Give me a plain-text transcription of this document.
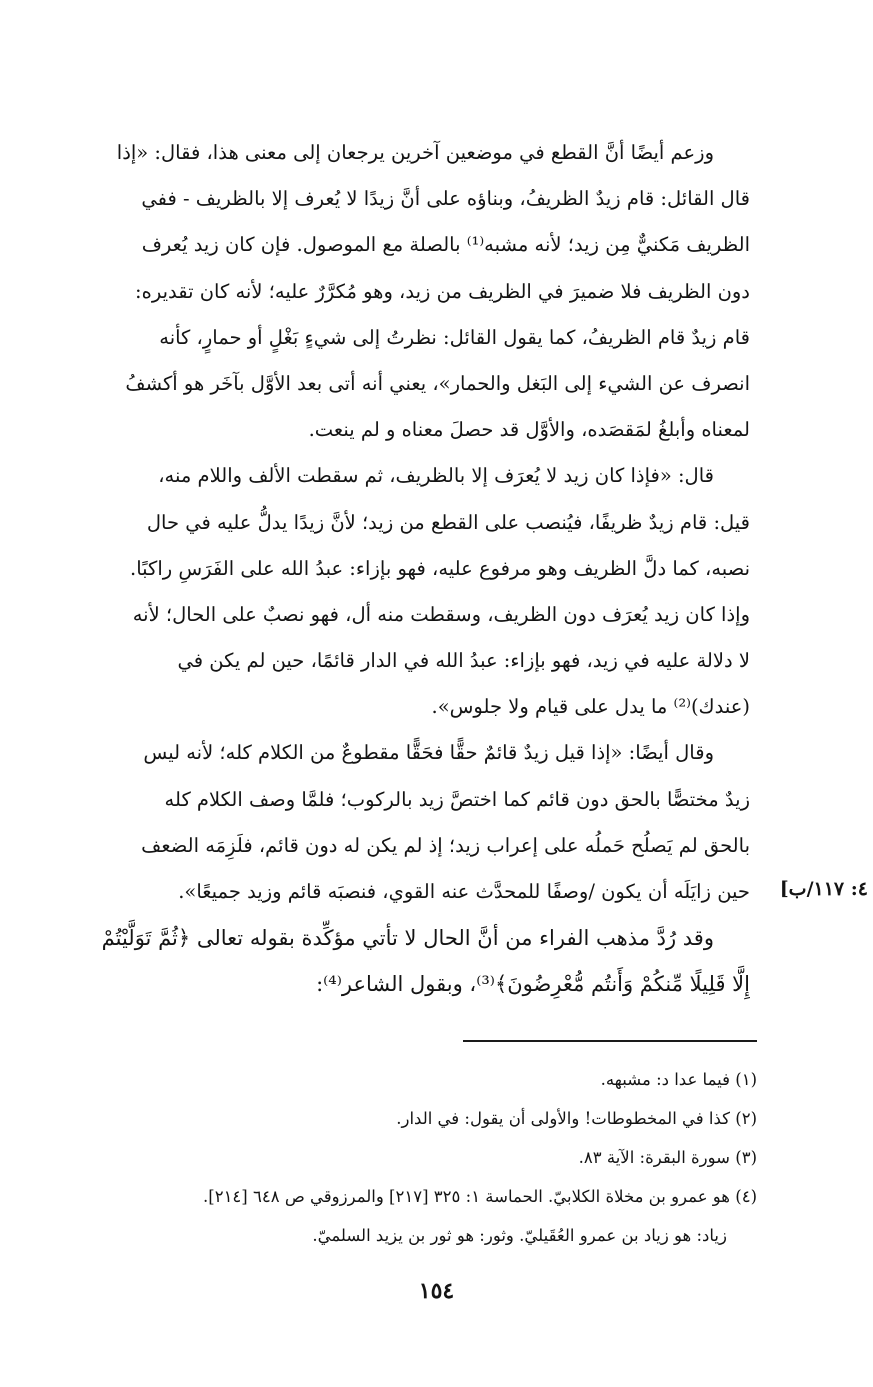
وزعم أيضًا أنَّ القطع في موضعين آخرين يرجعان إلى معنى هذا، فقال: «إذا
قال القائل: قام زيدٌ الظريفُ، وبناؤه على أنَّ زيدًا لا يُعرف إلا بالظريف - ففي
الظريف مَكنيٌّ مِن زيد؛ لأنه مشبه⁽¹⁾ بالصلة مع الموصول. فإن كان زيد يُعرف
دون الظريف فلا ضميرَ في الظريف من زيد، وهو مُكرَّرٌ عليه؛ لأنه كان تقديره:
قام زيدٌ قام الظريفُ، كما يقول القائل: نظرتُ إلى شيءٍ بَغْلٍ أو حمارٍ، كأنه
انصرف عن الشيء إلى البَغل والحمار»، يعني أنه أتى بعد الأوَّل بآخَر هو أكشفُ
لمعناه وأبلغُ لمَقصَده، والأوَّل قد حصلَ معناه و لم ينعت.
قال: «فإذا كان زيد لا يُعرَف إلا بالظريف، ثم سقطت الألف واللام منه،
قيل: قام زيدٌ ظريفًا، فيُنصب على القطع من زيد؛ لأنَّ زيدًا يدلُّ عليه في حال
نصبه، كما دلَّ الظريف وهو مرفوع عليه، فهو بإزاء: عبدُ الله على الفَرَسِ راكبًا.
وإذا كان زيد يُعرَف دون الظريف، وسقطت منه أل، فهو نصبٌ على الحال؛ لأنه
لا دلالة عليه في زيد، فهو بإزاء: عبدُ الله في الدار قائمًا، حين لم يكن في
(عندك)⁽²⁾ ما يدل على قيام ولا جلوس».
وقال أيضًا: «إذا قيل زيدٌ قائمٌ حقًّا فحَقًّا مقطوعٌ من الكلام كله؛ لأنه ليس
زيدٌ مختصًّا بالحق دون قائم كما اختصَّ زيد بالركوب؛ فلمَّا وصف الكلام كله
بالحق لم يَصلُح حَملُه على إعراب زيد؛ إذ لم يكن له دون قائم، فلَزِمَه الضعف
حين زايَلَه أن يكون /وصفًا للمحدَّث عنه القوي، فنصبَه قائم وزيد جميعًا».
وقد رُدَّ مذهب الفراء من أنَّ الحال لا تأتي مؤكِّدة بقوله تعالى ﴿ثُمَّ تَوَلَّيْتُمْ
إِلَّا قَلِيلًا مِّنكُمْ وَأَنتُم مُّعْرِضُونَ﴾⁽³⁾، وبقول الشاعر⁽⁴⁾:
٤: ١١٧/ب]
(١) فيما عدا د: مشبهه.
(٢) كذا في المخطوطات! والأولى أن يقول: في الدار.
(٣) سورة البقرة: الآية ٨٣.
(٤) هو عمرو بن مخلاة الكلابيّ. الحماسة ١: ٣٢٥ [٢١٧] والمرزوقي ص ٦٤٨ [٢١٤].
زياد: هو زياد بن عمرو العُقَيليّ. وثور: هو ثور بن يزيد السلميّ.
١٥٤
